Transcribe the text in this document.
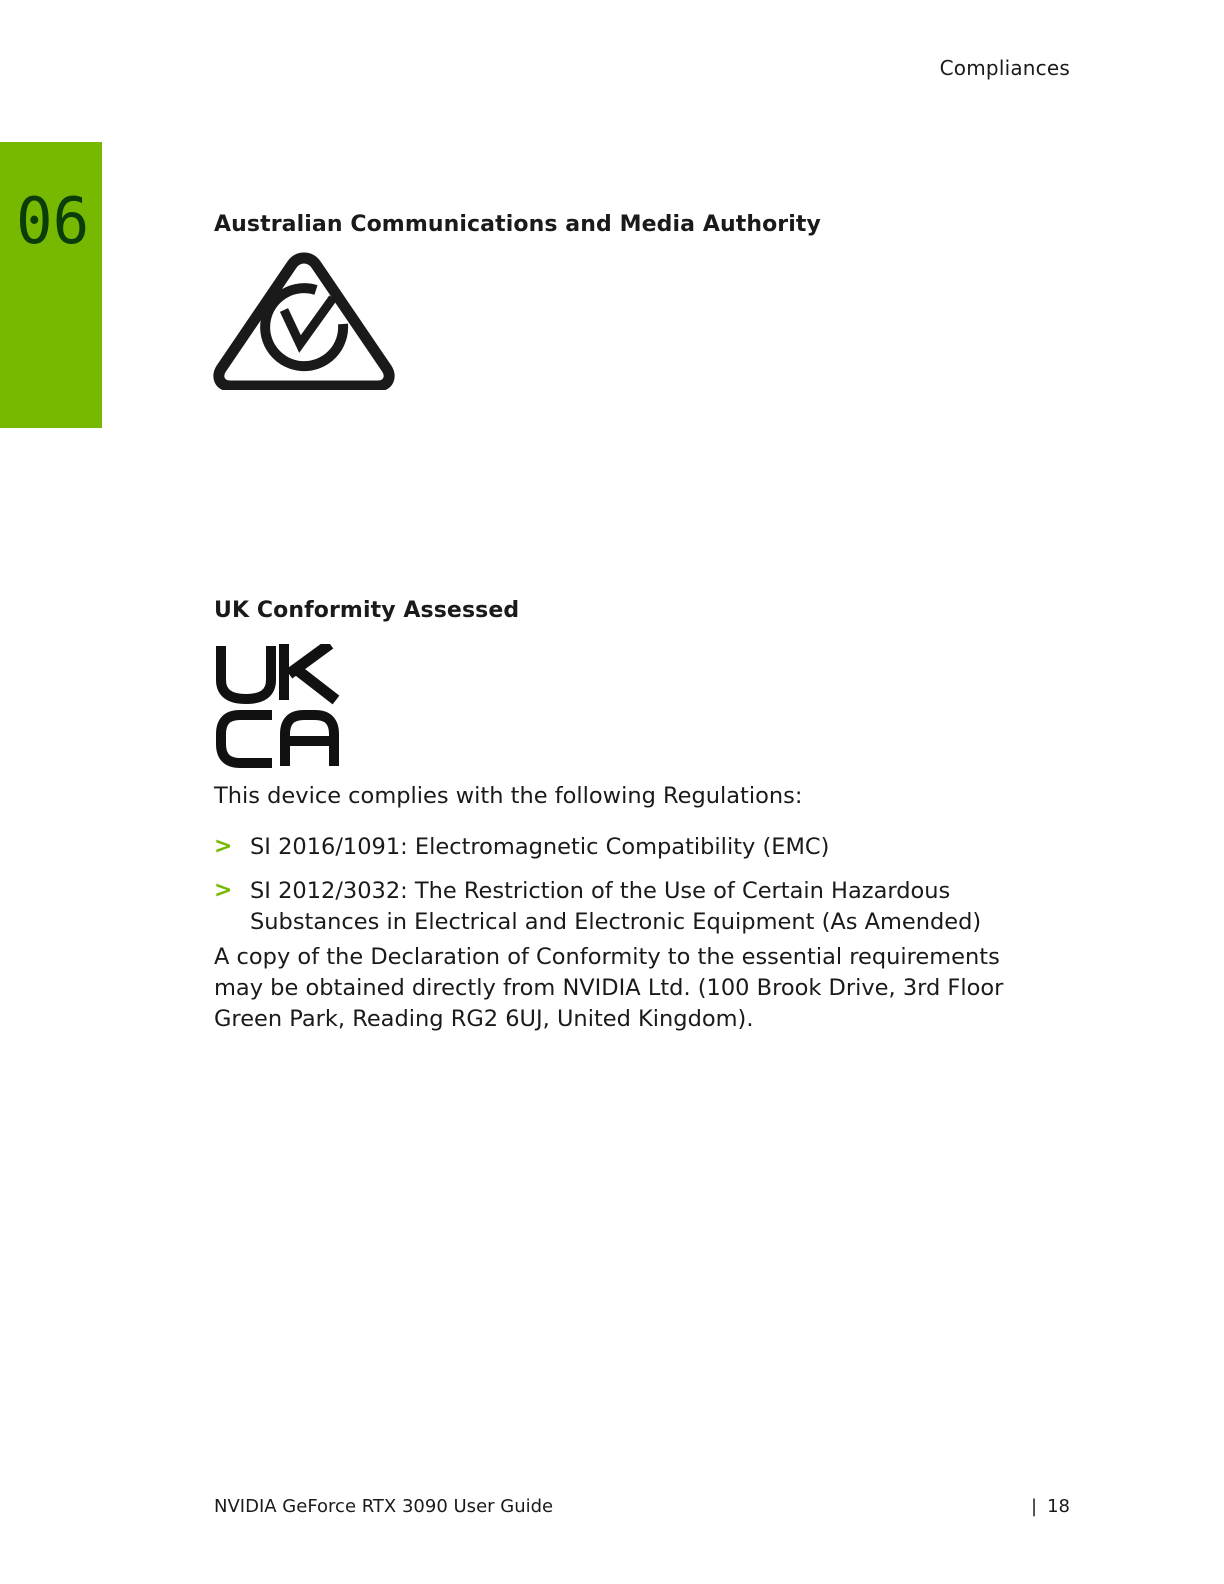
Compliances
06	Australian Communications and Media Authority
UK Conformity Assessed
This device complies with the following Regulations:
> SI 2016/1091: Electromagnetic Compatibility (EMC)
> SI 2012/3032: The Restriction of the Use of Certain Hazardous Substances in Electrical and Electronic Equipment (As Amended)
A copy of the Declaration of Conformity to the essential requirements may be obtained directly from NVIDIA Ltd. (100 Brook Drive, 3rd Floor Green Park, Reading RG2 6UJ, United Kingdom).
NVIDIA GeForce RTX 3090 User Guide	| 18
